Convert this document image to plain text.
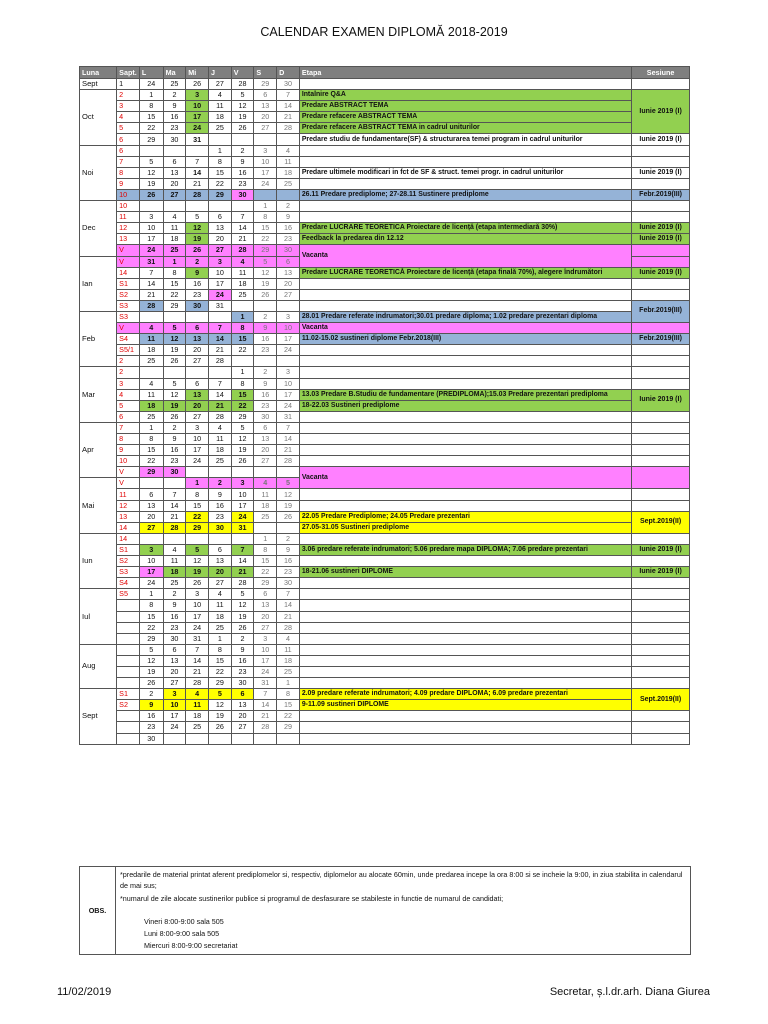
CALENDAR EXAMEN DIPLOMĂ 2018-2019
Luna	Sapt.	L	Ma	Mi	J	V	S	D	Etapa	Sesiune
Sept	1	24	25	26	27	28	29	30		
Oct	2	1	2	3	4	5	6	7	Intalnire Q&A	Iunie 2019 (I)
	3	8	9	10	11	12	13	14	Predare ABSTRACT TEMA	
	4	15	16	17	18	19	20	21	Predare refacere ABSTRACT TEMA	
	5	22	23	24	25	26	27	28	Predare refacere ABSTRACT TEMA in cadrul uniturilor	
	6	29	30	31					Predare studiu de fundamentare(SF) & structurarea temei program in cadrul uniturilor	Iunie 2019 (I)
Noi	6				1	2	3	4		
	7	5	6	7	8	9	10	11		
	8	12	13	14	15	16	17	18	Predare ultimele modificari in fct de SF & struct. temei progr. in cadrul uniturilor	Iunie 2019 (I)
	9	19	20	21	22	23	24	25		
	10	26	27	28	29	30			26.11 Predare prediplome; 27-28.11 Sustinere prediplome	Febr.2019(III)
Dec	10						1	2		
	11	3	4	5	6	7	8	9		
	12	10	11	12	13	14	15	16	Predare LUCRARE TEORETICA Proiectare de licență (etapa intermediară 30%)	Iunie 2019 (I)
	13	17	18	19	20	21	22	23	Feedback la predarea din 12.12	Iunie 2019 (I)
	V	24	25	26	27	28	29	30	Vacanta	
Ian	V	31	1	2	3	4	5	6		
	14	7	8	9	10	11	12	13	Predare LUCRARE TEORETICĂ Proiectare de licență (etapa finală 70%), alegere îndrumători	Iunie 2019 (I)
	S1	14	15	16	17	18	19	20		
	S2	21	22	23	24	25	26	27		
	S3	28	29	30	31					Febr.2019(III)
Feb	S3					1	2	3	28.01 Predare referate indrumatori;30.01 predare diploma; 1.02 predare prezentari diploma	
	V	4	5	6	7	8	9	10	Vacanta	
	S4	11	12	13	14	15	16	17	11.02-15.02 sustineri diplome Febr.2018(III)	Febr.2019(III)
	S5/1	18	19	20	21	22	23	24		
	2	25	26	27	28					
Mar	2					1	2	3		
	3	4	5	6	7	8	9	10		
	4	11	12	13	14	15	16	17	13.03 Predare B.Studiu de fundamentare (PREDIPLOMA);15.03 Predare prezentari prediploma	Iunie 2019 (I)
	5	18	19	20	21	22	23	24	18-22.03 Sustineri prediplome	
	6	25	26	27	28	29	30	31		
Apr	7	1	2	3	4	5	6	7		
	8	8	9	10	11	12	13	14		
	9	15	16	17	18	19	20	21		
	10	22	23	24	25	26	27	28		
	V	29	30						Vacanta	
Mai	V			1	2	3	4	5		
	11	6	7	8	9	10	11	12		
	12	13	14	15	16	17	18	19		
	13	20	21	22	23	24	25	26	22.05 Predare Prediplome; 24.05 Predare prezentari	Sept.2019(II)
	14	27	28	29	30	31			27.05-31.05 Sustineri prediplome	
Iun	14						1	2		
	S1	3	4	5	6	7	8	9	3.06 predare referate indrumatori; 5.06 predare mapa DIPLOMA; 7.06 predare prezentari	Iunie 2019 (I)
	S2	10	11	12	13	14	15	16		
	S3	17	18	19	20	21	22	23	18-21.06 sustineri DIPLOME	Iunie 2019 (I)
	S4	24	25	26	27	28	29	30		
Iul	S5	1	2	3	4	5	6	7		
		8	9	10	11	12	13	14		
		15	16	17	18	19	20	21		
		22	23	24	25	26	27	28		
		29	30	31	1	2	3	4		
Aug		5	6	7	8	9	10	11		
		12	13	14	15	16	17	18		
		19	20	21	22	23	24	25		
		26	27	28	29	30	31	1		
Sept	S1	2	3	4	5	6	7	8	2.09 predare referate indrumatori; 4.09 predare DIPLOMA; 6.09 predare prezentari	Sept.2019(II)
	S2	9	10	11	12	13	14	15	9-11.09 sustineri DIPLOME	
		16	17	18	19	20	21	22		
		23	24	25	26	27	28	29		
		30								
OBS.	
*predarile de material printat aferent prediplomelor si, respectiv, diplomelor au alocate 60min, unde predarea incepe la ora 8:00 si se incheie la 9:00, in ziua stabilita in calendarul de mai sus;
*numarul de zile alocate sustinerilor publice si programul de desfasurare se stabileste in functie de numarul de candidati;
Vineri 8:00-9:00 sala 505
Luni 8:00-9:00 sala 505
Miercuri 8:00-9:00 secretariat
11/02/2019	Secretar, ș.l.dr.arh. Diana Giurea
